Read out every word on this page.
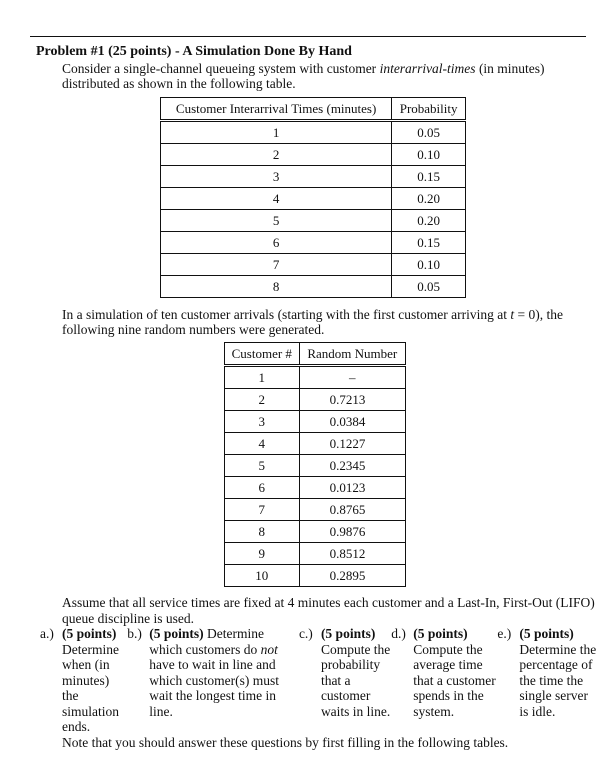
Problem #1 (25 points) - A Simulation Done By Hand
Consider a single-channel queueing system with customer interarrival-times (in minutes) distributed as shown in the following table.
Customer Interarrival Times (minutes)	Probability
1	0.05
2	0.10
3	0.15
4	0.20
5	0.20
6	0.15
7	0.10
8	0.05
In a simulation of ten customer arrivals (starting with the first customer arriving at t = 0), the following nine random numbers were generated.
Customer #	Random Number
1	–
2	0.7213
3	0.0384
4	0.1227
5	0.2345
6	0.0123
7	0.8765
8	0.9876
9	0.8512
10	0.2895
Assume that all service times are fixed at 4 minutes each customer and a Last-In, First-Out (LIFO) queue discipline is used.
a.) (5 points) Determine when (in minutes) the simulation ends.
b.) (5 points) Determine which customers do not have to wait in line and which customer(s) must wait the longest time in line.
c.) (5 points) Compute the probability that a customer waits in line.
d.) (5 points) Compute the average time that a customer spends in the system.
e.) (5 points) Determine the percentage of the time the single server is idle.
Note that you should answer these questions by first filling in the following tables.
